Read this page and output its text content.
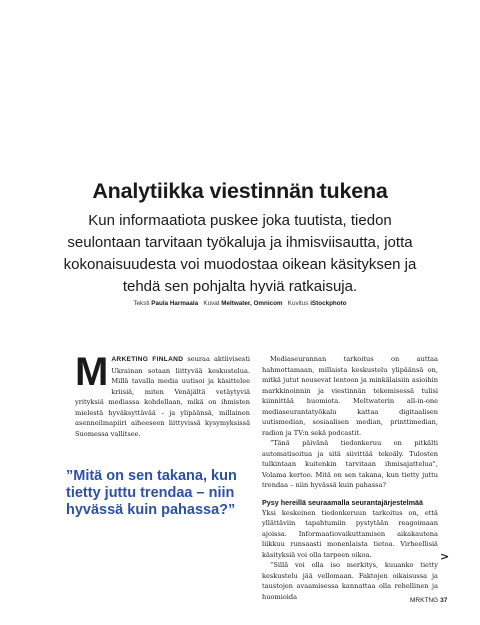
Analytiikka viestinnän tukena

Kun informaatiota puskee joka tuutista, tiedon seulontaan tarvitaan työkaluja ja ihmisviisautta, jotta kokonaisuudesta voi muodostaa oikean käsityksen ja tehdä sen pohjalta hyviä ratkaisuja.

Teksti Paula Harmaala Kuvat Meltwater, Omnicom Kuvitus iStockphoto

MARKETING FINLAND seuraa aktiivisesti Ukrainan sotaan liittyvää keskustelua. Millä tavalla media uutisoi ja käsittelee kriisiä, miten Venäjältä vetäytyviä yrityksiä mediassa kohdellaan, mikä on ihmisten mielestä hyväksyttävää – ja ylipäänsä, millainen asenneilmapiiri aiheeseen liittyvissä kysymyksissä Suomessa vallitsee.

”Mitä on sen takana, kun tietty juttu trendaa – niin hyvässä kuin pahassa?”

Mediaseurannan tarkoitus on auttaa hahmottamaan, millaista keskustelu ylipäänsä on, mitkä jutut nousevat lentoon ja minkälaisiin asioihin markkinoinnin ja viestinnän tekemisessä tulisi kiinnittää huomiota. Meltwaterin all-in-one mediaseurantatyökalu kattaa digitaalisen uutismedian, sosiaalisen median, printtimedian, radion ja TV:n sekä podcastit.

”Tänä päivänä tiedonkeruu on pitkälti automatisoitua ja sitä siivittää tekoäly. Tulosten tulkintaan kuitenkin tarvitaan ihmisajattelua”, Volama kertoo. Mitä on sen takana, kun tietty juttu trendaa – niin hyvässä kuin pahassa?

Pysy hereillä seuraamalla seurantajärjestelmää

Yksi keskeinen tiedonkeruun tarkoitus on, että yllättäviin tapahtumiin pystytään reagoimaan ajoissa. Informaatiovaikuttamisen aikakautena liikkuu runsaasti monenlaista tietoa. Virheellisiä käsityksiä voi olla tarpeen oikoa.

”Sillä voi olla iso merkitys, kuuanko tietty keskustelu jää vellomaan. Faktojen oikaisussa ja taustojen avaamisessa kannattaa olla rehellinen ja huomioida

>
MRKTNG 37
